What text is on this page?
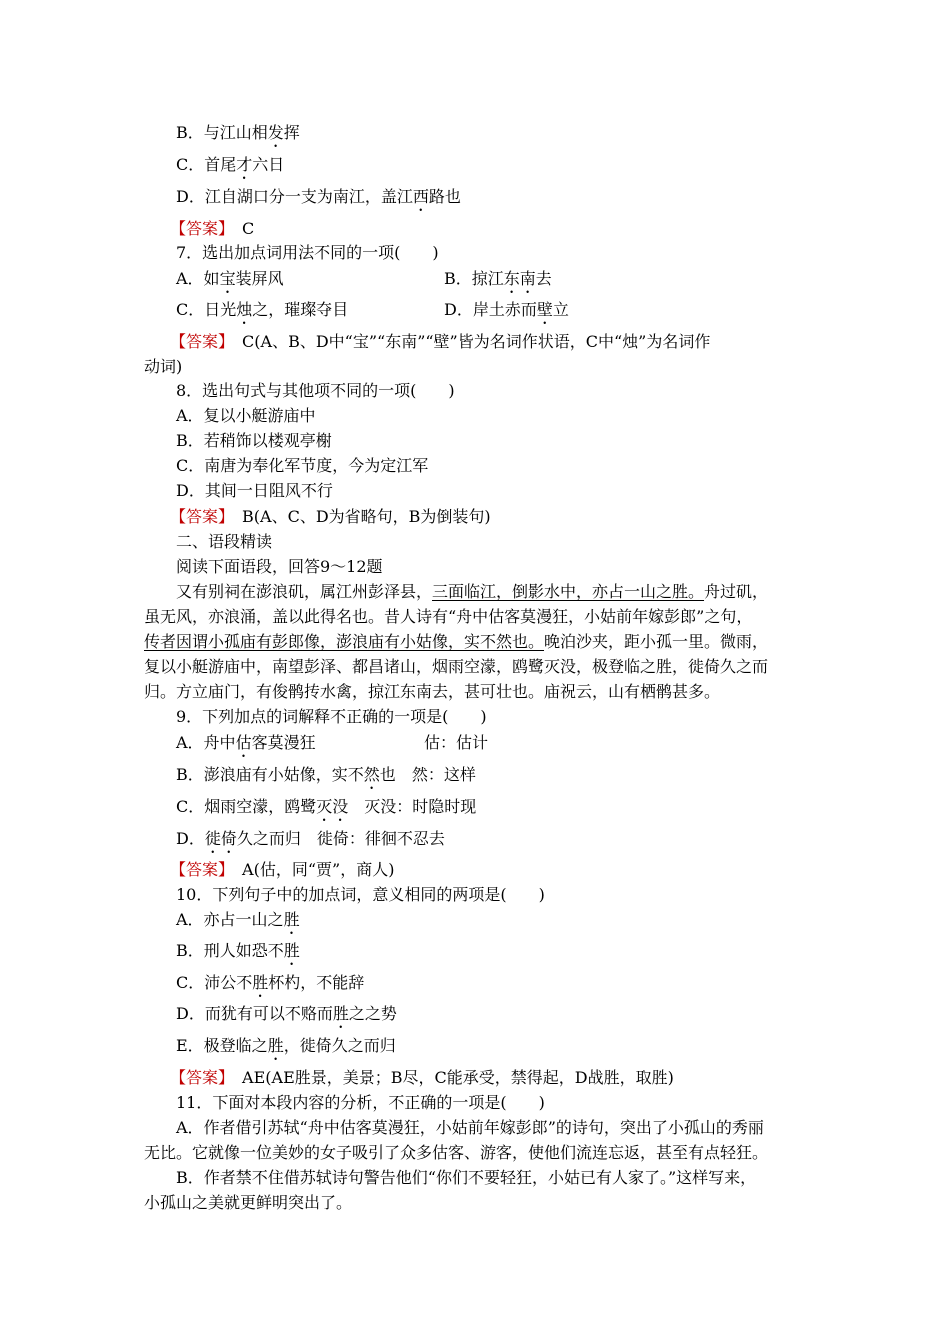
B．与江山相发挥
C．首尾才六日
D．江自湖口分一支为南江，盖江西路也
【答案】　 C
7．选出加点词用法不同的一项(　　)
A．如宝装屏风	B．掠江东南去
C．日光烛之，璀璨夺目	D．岸土赤而壁立
【答案】　 C(A、B、D中“宝”“东南”“壁”皆为名词作状语，C中“烛”为名词作
动词)
8．选出句式与其他项不同的一项(　　)
A．复以小艇游庙中
B．若稍饰以楼观亭榭
C．南唐为奉化军节度，今为定江军
D．其间一日阻风不行
【答案】　 B(A、C、D为省略句，B为倒装句)
二、语段精读
阅读下面语段，回答9～12题
又有别祠在澎浪矶，属江州彭泽县，三面临江，倒影水中，亦占一山之胜。舟过矶，
虽无风，亦浪涌，盖以此得名也。昔人诗有“舟中估客莫漫狂，小姑前年嫁彭郎”之句，
传者因谓小孤庙有彭郎像，澎浪庙有小姑像，实不然也。晚泊沙夹，距小孤一里。微雨，
复以小艇游庙中，南望彭泽、都昌诸山，烟雨空濛，鸥鹭灭没，极登临之胜，徙倚久之而
归。方立庙门，有俊鹘抟水禽，掠江东南去，甚可壮也。庙祝云，山有栖鹘甚多。
9．下列加点的词解释不正确的一项是(　　)
A．舟中估客莫漫狂	估：估计
B．澎浪庙有小姑像，实不然也　 然：这样
C．烟雨空濛，鸥鹭灭没　 灭没：时隐时现
D．徙倚久之而归　 徙倚：徘徊不忍去
【答案】　 A(估，同“贾”，商人)
10．下列句子中的加点词，意义相同的两项是(　　)
A．亦占一山之胜
B．刑人如恐不胜
C．沛公不胜杯杓，不能辞
D．而犹有可以不赂而胜之之势
E．极登临之胜，徙倚久之而归
【答案】　 AE(AE胜景，美景；B尽，C能承受，禁得起，D战胜，取胜)
11．下面对本段内容的分析，不正确的一项是(　　)
A．作者借引苏轼“舟中估客莫漫狂，小姑前年嫁彭郎”的诗句，突出了小孤山的秀丽
无比。它就像一位美妙的女子吸引了众多估客、游客，使他们流连忘返，甚至有点轻狂。
B．作者禁不住借苏轼诗句警告他们“你们不要轻狂，小姑已有人家了。”这样写来，
小孤山之美就更鲜明突出了。
